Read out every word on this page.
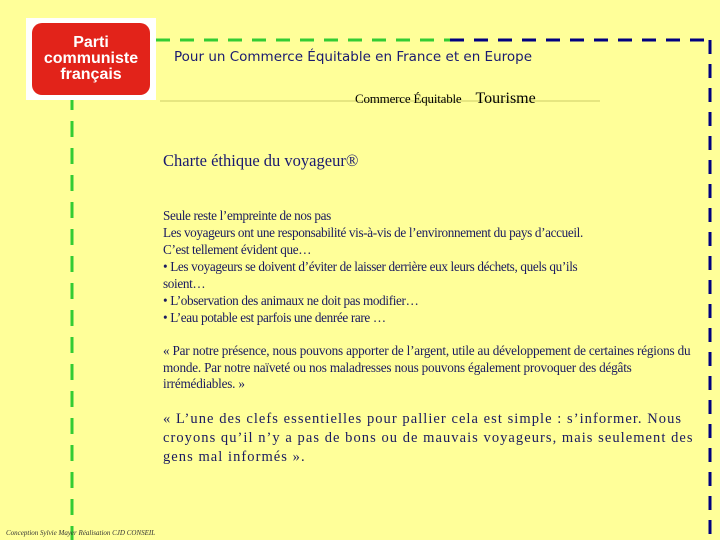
Parti
communiste
français
Pour un Commerce Équitable en France et en Europe
Commerce Équitable Tourisme
Charte éthique du voyageur®
Seule reste l’empreinte de nos pas
Les voyageurs ont une responsabilité vis-à-vis de l’environnement du pays d’accueil.
C’est tellement évident que…
• Les voyageurs se doivent d’éviter de laisser derrière eux leurs déchets, quels qu’ils
soient…
• L’observation des animaux ne doit pas modifier…
• L’eau potable est parfois une denrée rare …
« Par notre présence, nous pouvons apporter de l’argent, utile au développement de certaines régions du monde. Par notre naïveté ou nos maladresses nous pouvons également provoquer des dégâts irrémédiables. »
« L’une des clefs essentielles pour pallier cela est simple : s’informer. Nous croyons qu’il n’y a pas de bons ou de mauvais voyageurs, mais seulement des gens mal informés ».
Conception Sylvie Mayer Réalisation CJD CONSEIL
